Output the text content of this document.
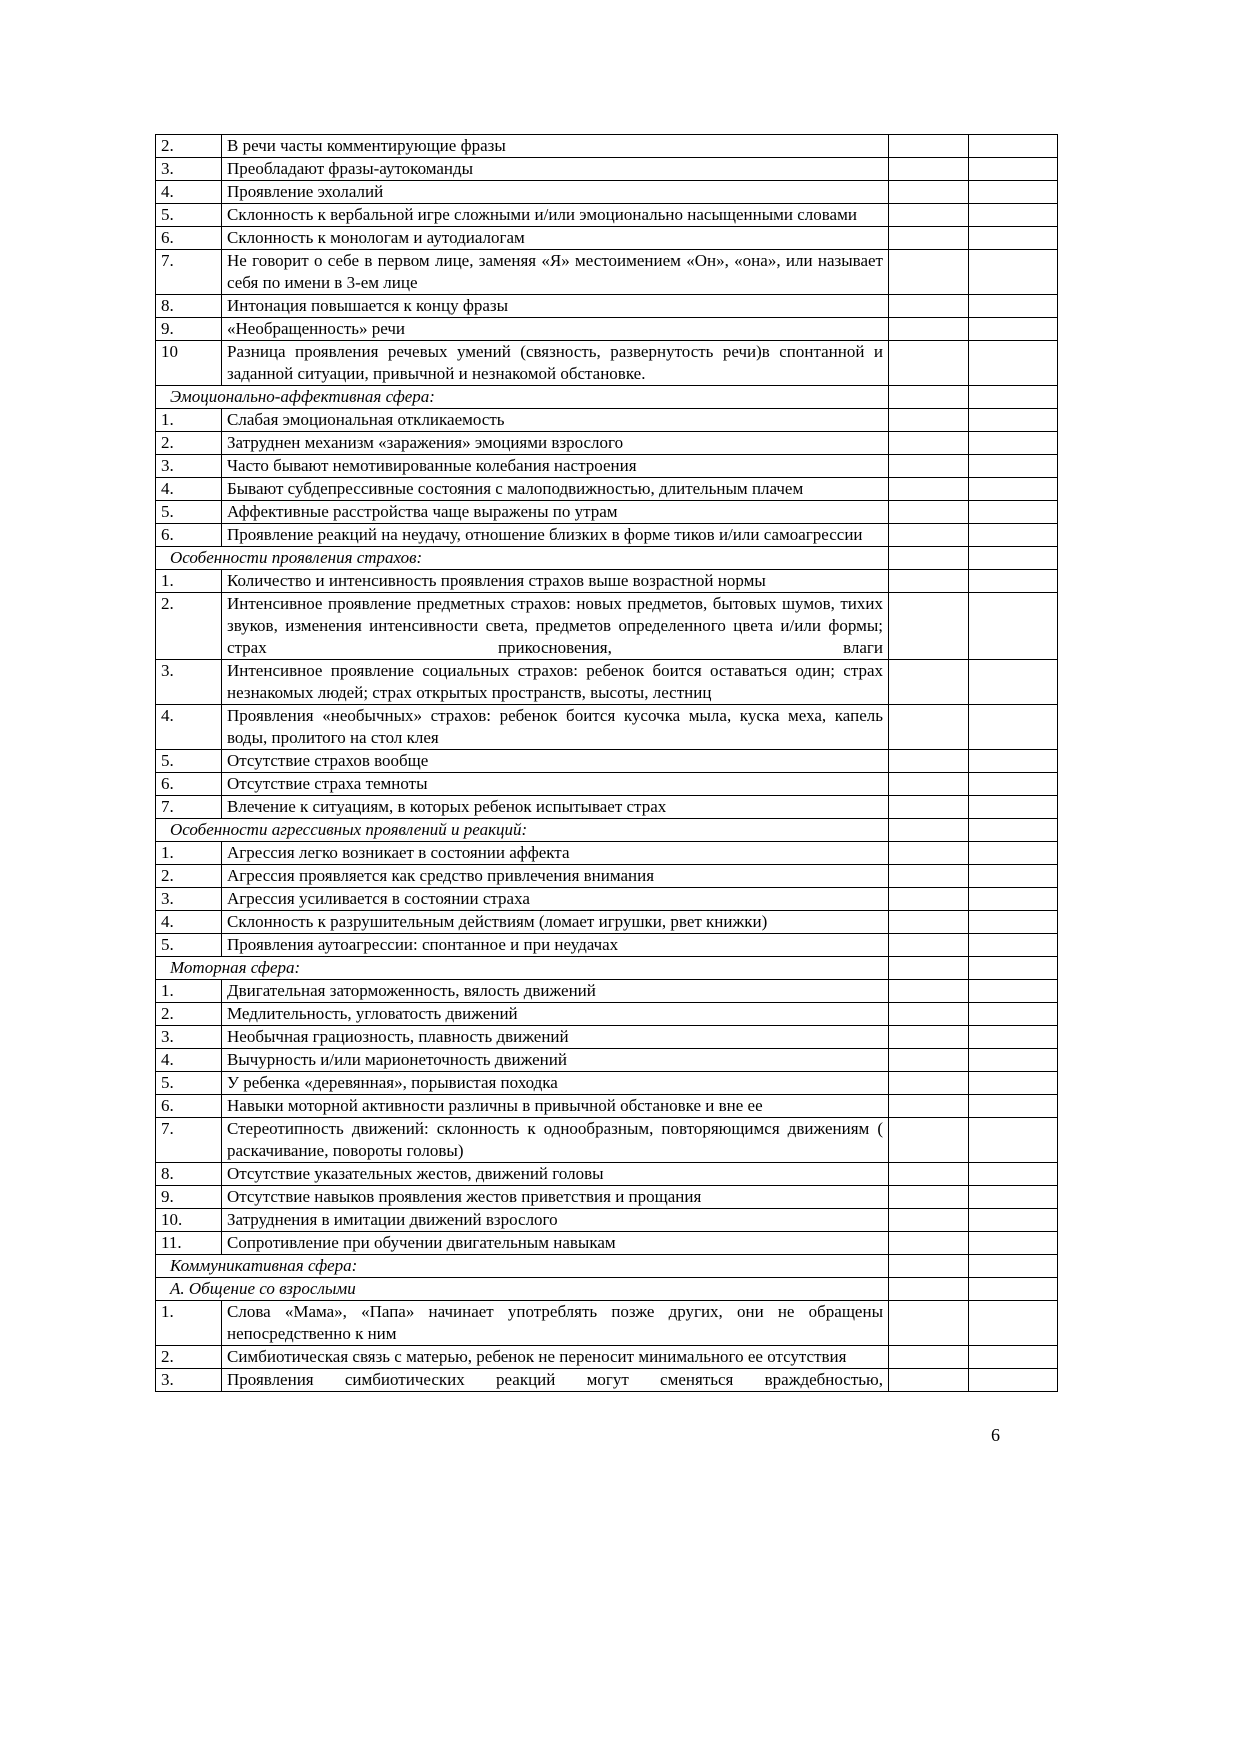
2.	В речи часты комментирующие фразы		
3.	Преобладают фразы-аутокоманды		
4.	Проявление эхолалий		
5.	Склонность к вербальной игре сложными и/или эмоционально насыщенными словами		
6.	Склонность к монологам и аутодиалогам		
7.	Не говорит о себе в первом лице, заменяя «Я» местоимением «Он», «она», или называет себя по имени в 3-ем лице		
8.	Интонация повышается к концу фразы		
9.	«Необращенность» речи		
10	Разница проявления речевых умений (связность, развернутость речи)в спонтанной и заданной ситуации, привычной и незнакомой обстановке.		
Эмоционально-аффективная сфера:			
1.	Слабая эмоциональная откликаемость		
2.	Затруднен механизм «заражения» эмоциями взрослого		
3.	Часто бывают немотивированные колебания настроения		
4.	Бывают субдепрессивные состояния с малоподвижностью, длительным плачем		
5.	Аффективные расстройства чаще выражены по утрам		
6.	Проявление реакций на неудачу, отношение близких в форме тиков и/или самоагрессии		
Особенности проявления страхов:			
1.	Количество и интенсивность проявления страхов выше возрастной нормы		
2.	Интенсивное проявление предметных страхов: новых предметов, бытовых шумов, тихих звуков, изменения интенсивности света, предметов определенного цвета и/или формы; страх прикосновения, влаги		
3.	Интенсивное проявление социальных страхов: ребенок боится оставаться один; страх незнакомых людей; страх открытых пространств, высоты, лестниц		
4.	Проявления «необычных» страхов: ребенок боится кусочка мыла, куска меха, капель воды, пролитого на стол клея		
5.	Отсутствие страхов вообще		
6.	Отсутствие страха темноты		
7.	Влечение к ситуациям, в которых ребенок испытывает страх		
Особенности агрессивных проявлений и реакций:			
1.	Агрессия легко возникает в состоянии аффекта		
2.	Агрессия проявляется как средство привлечения внимания		
3.	Агрессия усиливается в состоянии страха		
4.	Склонность к разрушительным действиям (ломает игрушки, рвет книжки)		
5.	Проявления аутоагрессии: спонтанное и при неудачах		
Моторная сфера:			
1.	Двигательная заторможенность, вялость движений		
2.	Медлительность, угловатость движений		
3.	Необычная грациозность, плавность движений		
4.	Вычурность и/или марионеточность движений		
5.	У ребенка «деревянная», порывистая походка		
6.	Навыки моторной активности различны в привычной обстановке и вне ее		
7.	Стереотипность движений: склонность к однообразным, повторяющимся движениям ( раскачивание, повороты головы)		
8.	Отсутствие указательных жестов, движений головы		
9.	Отсутствие навыков проявления жестов приветствия и прощания		
10.	Затруднения в имитации движений взрослого		
11.	Сопротивление при обучении двигательным навыкам		
Коммуникативная сфера:			
А. Общение со взрослыми			
1.	Слова «Мама», «Папа» начинает употреблять позже других, они не обращены непосредственно к ним		
2.	Симбиотическая связь с матерью, ребенок не переносит минимального ее отсутствия		
3.	Проявления симбиотических реакций могут сменяться враждебностью,		
6
